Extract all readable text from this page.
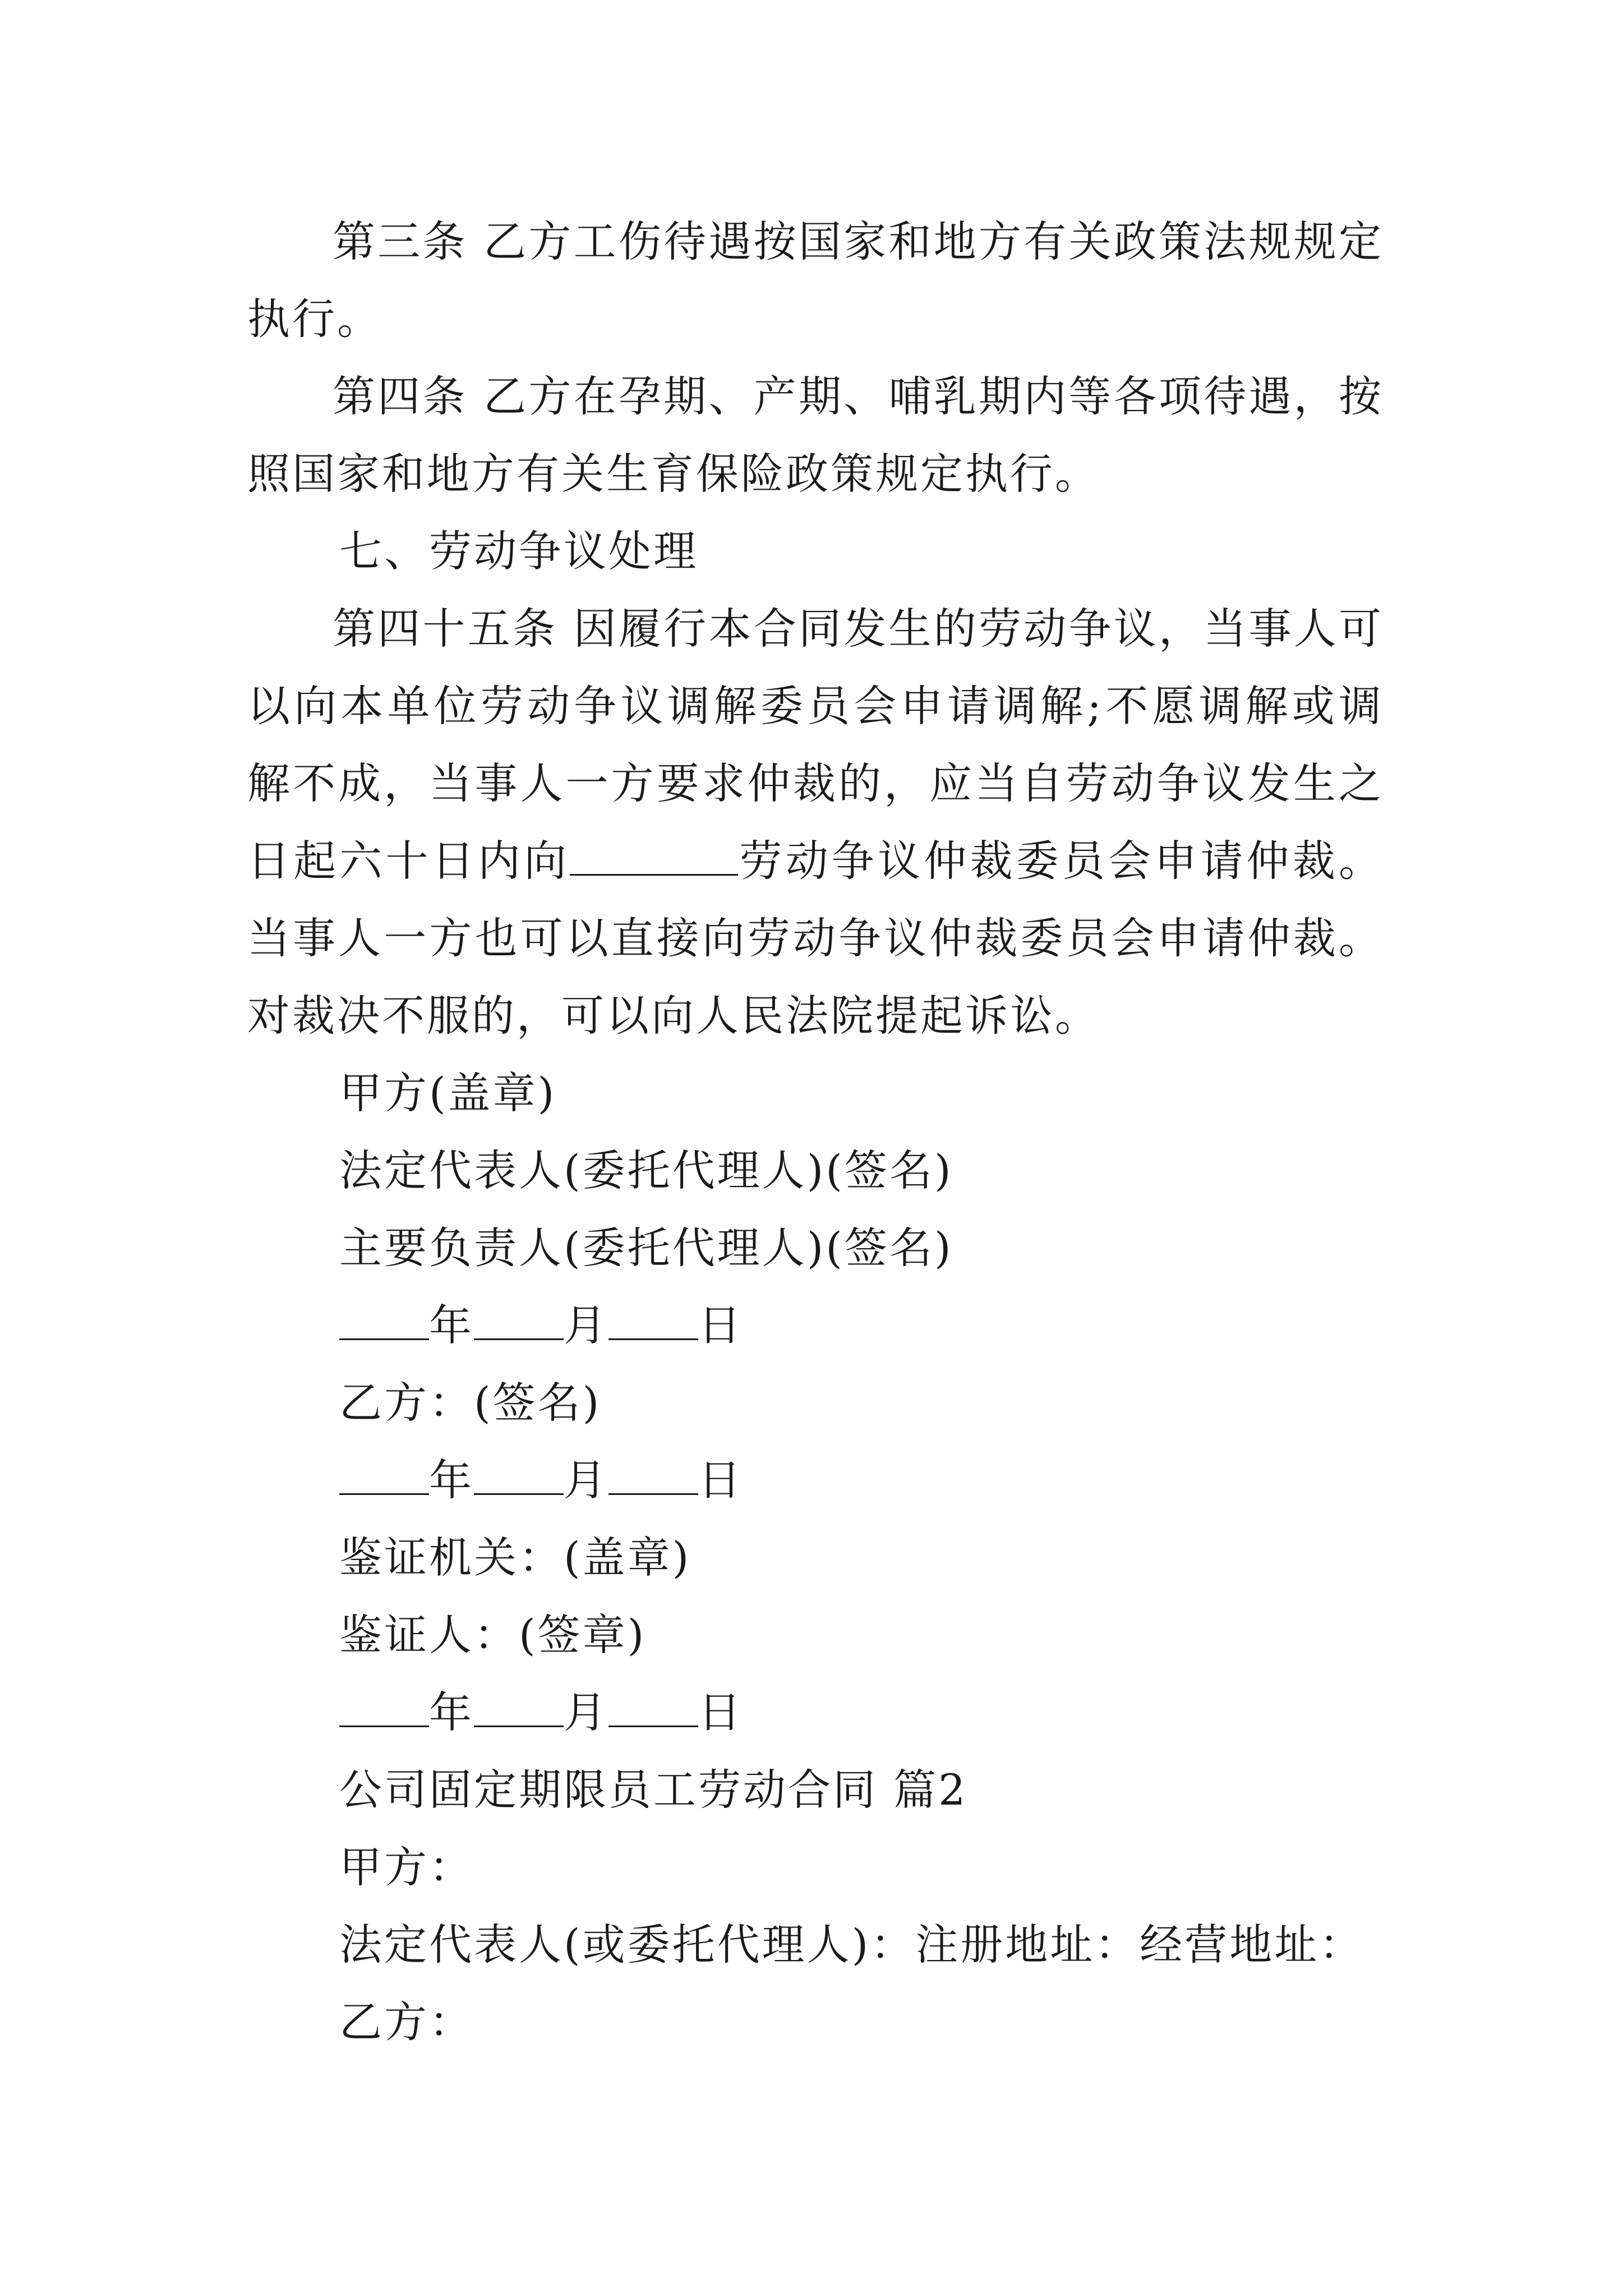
第三条 乙方工伤待遇按国家和地方有关政策法规规定执行。

第四条 乙方在孕期、产期、哺乳期内等各项待遇，按照国家和地方有关生育保险政策规定执行。

七、劳动争议处理

第四十五条 因履行本合同发生的劳动争议，当事人可以向本单位劳动争议调解委员会申请调解;不愿调解或调解不成，当事人一方要求仲裁的，应当自劳动争议发生之日起六十日内向	劳动争议仲裁委员会申请仲裁。当事人一方也可以直接向劳动争议仲裁委员会申请仲裁。对裁决不服的，可以向人民法院提起诉讼。

甲方(盖章)

法定代表人(委托代理人)(签名)

主要负责人(委托代理人)(签名)

年 月 日

乙方：(签名)

年 月 日

鉴证机关：(盖章)

鉴证人：(签章)

年 月 日

公司固定期限员工劳动合同 篇2

甲方：

法定代表人(或委托代理人)：注册地址：经营地址：

乙方：
